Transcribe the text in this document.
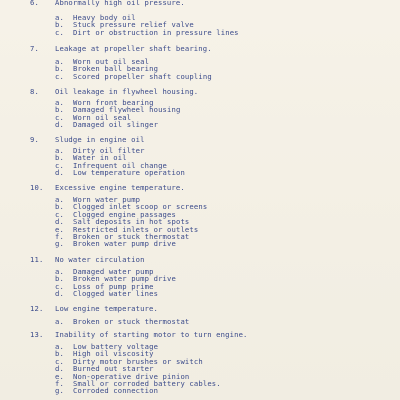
6. Abnormally high oil pressure.
a. Heavy body oil
b. Stuck pressure relief valve
c. Dirt or obstruction in pressure lines
7. Leakage at propeller shaft bearing.
a. Worn out oil seal
b. Broken ball bearing
c. Scored propeller shaft coupling
8. Oil leakage in flywheel housing.
a. Worn front bearing
b. Damaged flywheel housing
c. Worn oil seal
d. Damaged oil slinger
9. Sludge in engine oil
a. Dirty oil filter
b. Water in oil
c. Infrequent oil change
d. Low temperature operation
10. Excessive engine temperature.
a. Worn water pump
b. Clogged inlet scoop or screens
c. Clogged engine passages
d. Salt deposits in hot spots
e. Restricted inlets or outlets
f. Broken or stuck thermostat
g. Broken water pump drive
11. No water circulation
a. Damaged water pump
b. Broken water pump drive
c. Loss of pump prime
d. Clogged water lines
12. Low engine temperature.
a. Broken or stuck thermostat
13. Inability of starting motor to turn engine.
a. Low battery voltage
b. High oil viscosity
c. Dirty motor brushes or switch
d. Burned out starter
e. Non-operative drive pinion
f. Small or corroded battery cables.
g. Corroded connection
